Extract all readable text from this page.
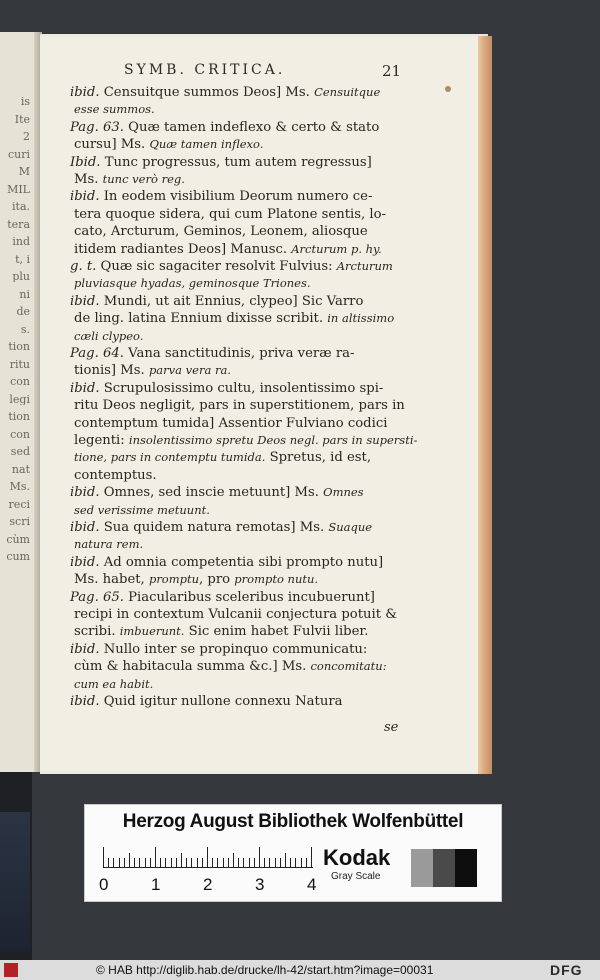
is
Ite
2
curi
M
MIL
ita.
tera
ind
t, i
plu
ni
de
s.
tion
ritu
con
legi
tion
con
sed
nat
Ms.
reci
scri
cùm
cum
SYMB. CRITICA.	21
ibid. Censuitque summos Deos] Ms. Censuitque
esse summos.
Pag. 63. Quæ tamen indeflexo & certo & stato
cursu] Ms. Quæ tamen inflexo.
Ibid. Tunc progressus, tum autem regressus]
Ms. tunc verò reg.
ibid. In eodem visibilium Deorum numero ce-
tera quoque sidera, qui cum Platone sentis, lo-
cato, Arcturum, Geminos, Leonem, aliosque
itidem radiantes Deos] Manusc. Arcturum p. hy.
g. t. Quæ sic sagaciter resolvit Fulvius: Arcturum
pluviasque hyadas, geminosque Triones.
ibid. Mundi, ut ait Ennius, clypeo] Sic Varro
de ling. latina Ennium dixisse scribit. in altissimo
cæli clypeo.
Pag. 64. Vana sanctitudinis, priva veræ ra-
tionis] Ms. parva vera ra.
ibid. Scrupulosissimo cultu, insolentissimo spi-
ritu Deos negligit, pars in superstitionem, pars in
contemptum tumida] Assentior Fulviano codici
legenti: insolentissimo spretu Deos negl. pars in supersti-
tione, pars in contemptu tumida. Spretus, id est,
contemptus.
ibid. Omnes, sed inscie metuunt] Ms. Omnes
sed verissime metuunt.
ibid. Sua quidem natura remotas] Ms. Suaque
natura rem.
ibid. Ad omnia competentia sibi prompto nutu]
Ms. habet, promptu, pro prompto nutu.
Pag. 65. Piacularibus sceleribus incubuerunt]
recipi in contextum Vulcanii conjectura potuit &
scribi. imbuerunt. Sic enim habet Fulvii liber.
ibid. Nullo inter se propinquo communicatu:
cùm & habitacula summa &c.] Ms. concomitatu:
cum ea habit.
ibid. Quid igitur nullone connexu Natura
se
Herzog August Bibliothek Wolfenbüttel
0	1	2	3	4
Kodak
Gray Scale
© HAB http://diglib.hab.de/drucke/lh-42/start.htm?image=00031	DFG
